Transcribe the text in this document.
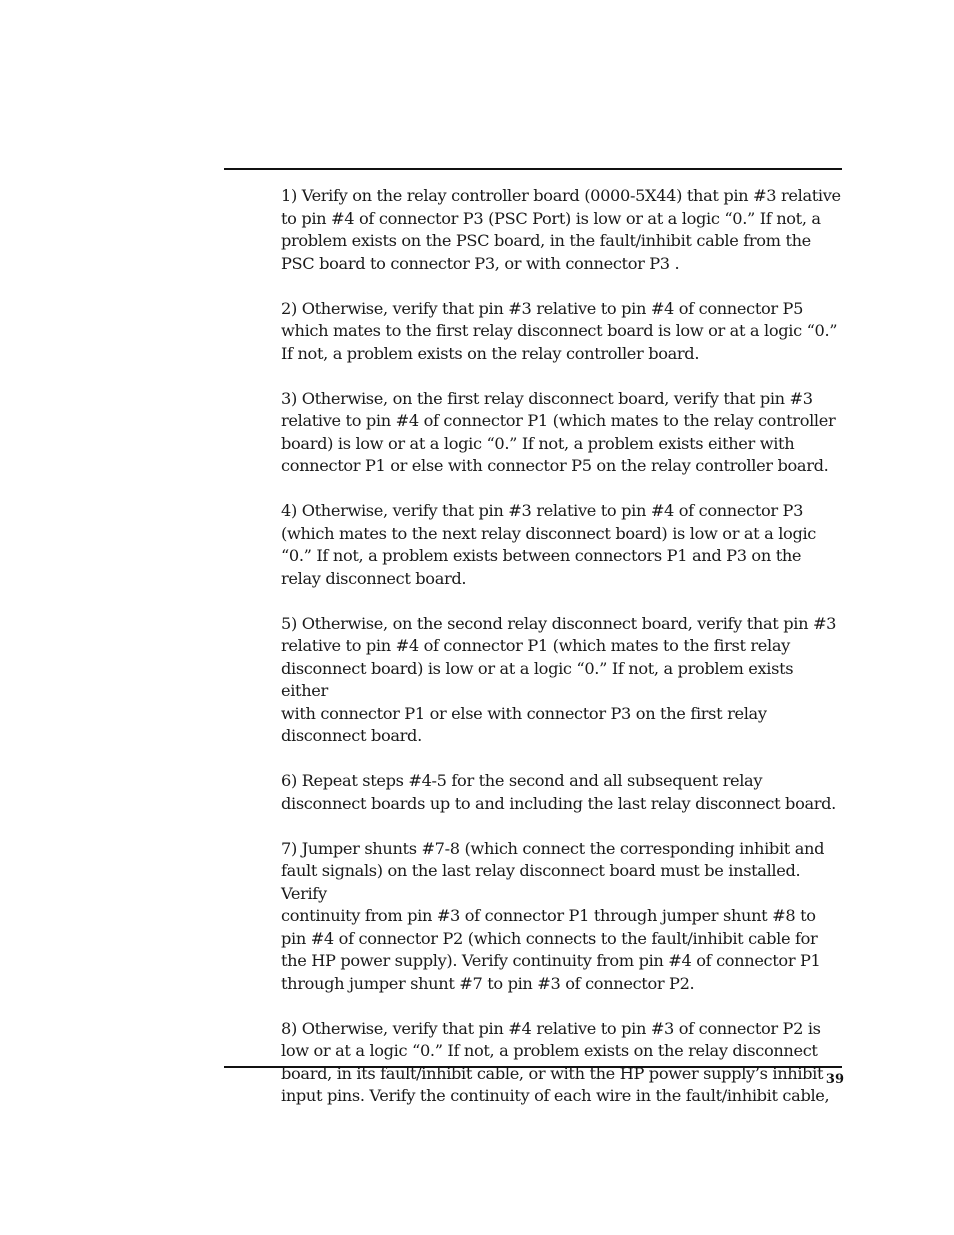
1) Verify on the relay controller board (0000-5X44) that pin #3 relative
to pin #4 of connector P3 (PSC Port) is low or at a logic “0.” If not, a
problem exists on the PSC board, in the fault/inhibit cable from the
PSC board to connector P3, or with connector P3 .

2) Otherwise, verify that pin #3 relative to pin #4 of connector P5
which mates to the first relay disconnect board is low or at a logic “0.”
If not, a problem exists on the relay controller board.

3) Otherwise, on the first relay disconnect board, verify that pin #3
relative to pin #4 of connector P1 (which mates to the relay controller
board) is low or at a logic “0.” If not, a problem exists either with
connector P1 or else with connector P5 on the relay controller board.

4) Otherwise, verify that pin #3 relative to pin #4 of connector P3
(which mates to the next relay disconnect board) is low or at a logic
“0.” If not, a problem exists between connectors P1 and P3 on the
relay disconnect board.

5) Otherwise, on the second relay disconnect board, verify that pin #3
relative to pin #4 of connector P1 (which mates to the first relay
disconnect board) is low or at a logic “0.” If not, a problem exists either
with connector P1 or else with connector P3 on the first relay
disconnect board.

6) Repeat steps #4-5 for the second and all subsequent relay
disconnect boards up to and including the last relay disconnect board.

7) Jumper shunts #7-8 (which connect the corresponding inhibit and
fault signals) on the last relay disconnect board must be installed. Verify
continuity from pin #3 of connector P1 through jumper shunt #8 to
pin #4 of connector P2 (which connects to the fault/inhibit cable for
the HP power supply). Verify continuity from pin #4 of connector P1
through jumper shunt #7 to pin #3 of connector P2.

8) Otherwise, verify that pin #4 relative to pin #3 of connector P2 is
low or at a logic “0.” If not, a problem exists on the relay disconnect
board, in its fault/inhibit cable, or with the HP power supply’s inhibit
input pins. Verify the continuity of each wire in the fault/inhibit cable,

39
